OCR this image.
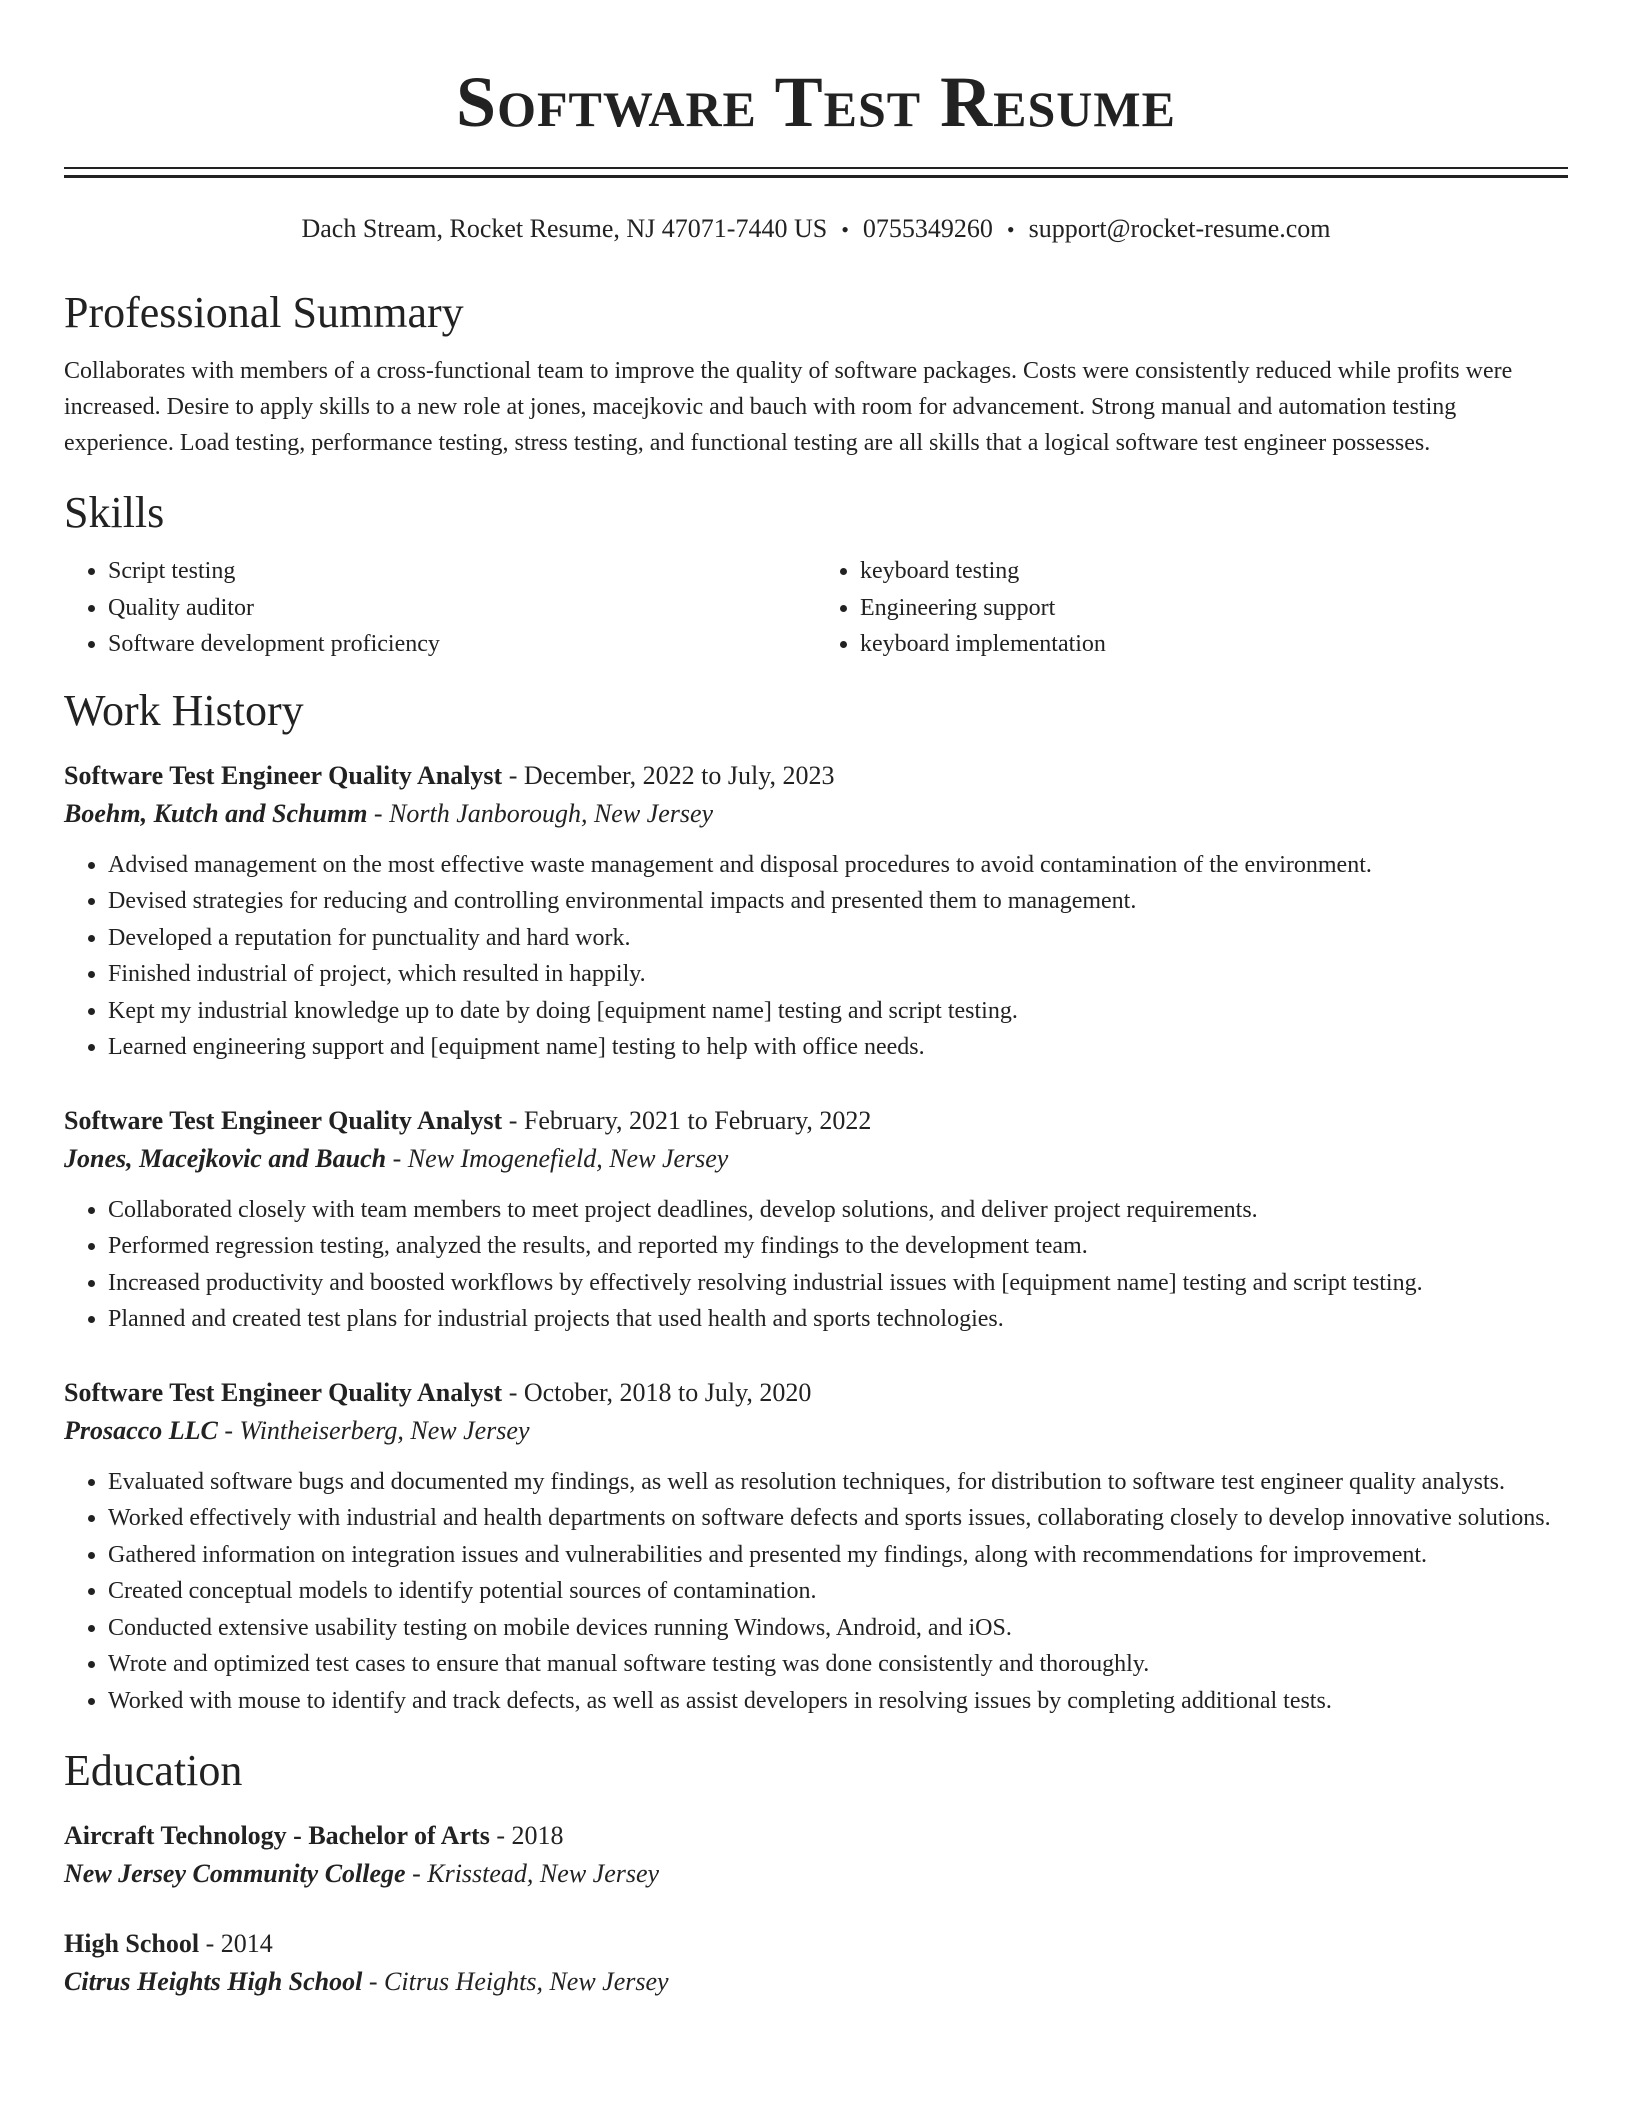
Software Test Resume
Dach Stream, Rocket Resume, NJ 47071-7440 US • 0755349260 • support@rocket-resume.com
Professional Summary

Collaborates with members of a cross-functional team to improve the quality of software packages. Costs were consistently reduced while profits were increased. Desire to apply skills to a new role at jones, macejkovic and bauch with room for advancement. Strong manual and automation testing experience. Load testing, performance testing, stress testing, and functional testing are all skills that a logical software test engineer possesses.

Skills
• Script testing
• Quality auditor
• Software development proficiency
• keyboard testing
• Engineering support
• keyboard implementation
Work History
Software Test Engineer Quality Analyst - December, 2022 to July, 2023
Boehm, Kutch and Schumm - North Janborough, New Jersey
• Advised management on the most effective waste management and disposal procedures to avoid contamination of the environment.
• Devised strategies for reducing and controlling environmental impacts and presented them to management.
• Developed a reputation for punctuality and hard work.
• Finished industrial of project, which resulted in happily.
• Kept my industrial knowledge up to date by doing [equipment name] testing and script testing.
• Learned engineering support and [equipment name] testing to help with office needs.
Software Test Engineer Quality Analyst - February, 2021 to February, 2022
Jones, Macejkovic and Bauch - New Imogenefield, New Jersey
• Collaborated closely with team members to meet project deadlines, develop solutions, and deliver project requirements.
• Performed regression testing, analyzed the results, and reported my findings to the development team.
• Increased productivity and boosted workflows by effectively resolving industrial issues with [equipment name] testing and script testing.
• Planned and created test plans for industrial projects that used health and sports technologies.
Software Test Engineer Quality Analyst - October, 2018 to July, 2020
Prosacco LLC - Wintheiserberg, New Jersey
• Evaluated software bugs and documented my findings, as well as resolution techniques, for distribution to software test engineer quality analysts.
• Worked effectively with industrial and health departments on software defects and sports issues, collaborating closely to develop innovative solutions.
• Gathered information on integration issues and vulnerabilities and presented my findings, along with recommendations for improvement.
• Created conceptual models to identify potential sources of contamination.
• Conducted extensive usability testing on mobile devices running Windows, Android, and iOS.
• Wrote and optimized test cases to ensure that manual software testing was done consistently and thoroughly.
• Worked with mouse to identify and track defects, as well as assist developers in resolving issues by completing additional tests.
Education
Aircraft Technology - Bachelor of Arts - 2018
New Jersey Community College - Krisstead, New Jersey
High School - 2014
Citrus Heights High School - Citrus Heights, New Jersey
